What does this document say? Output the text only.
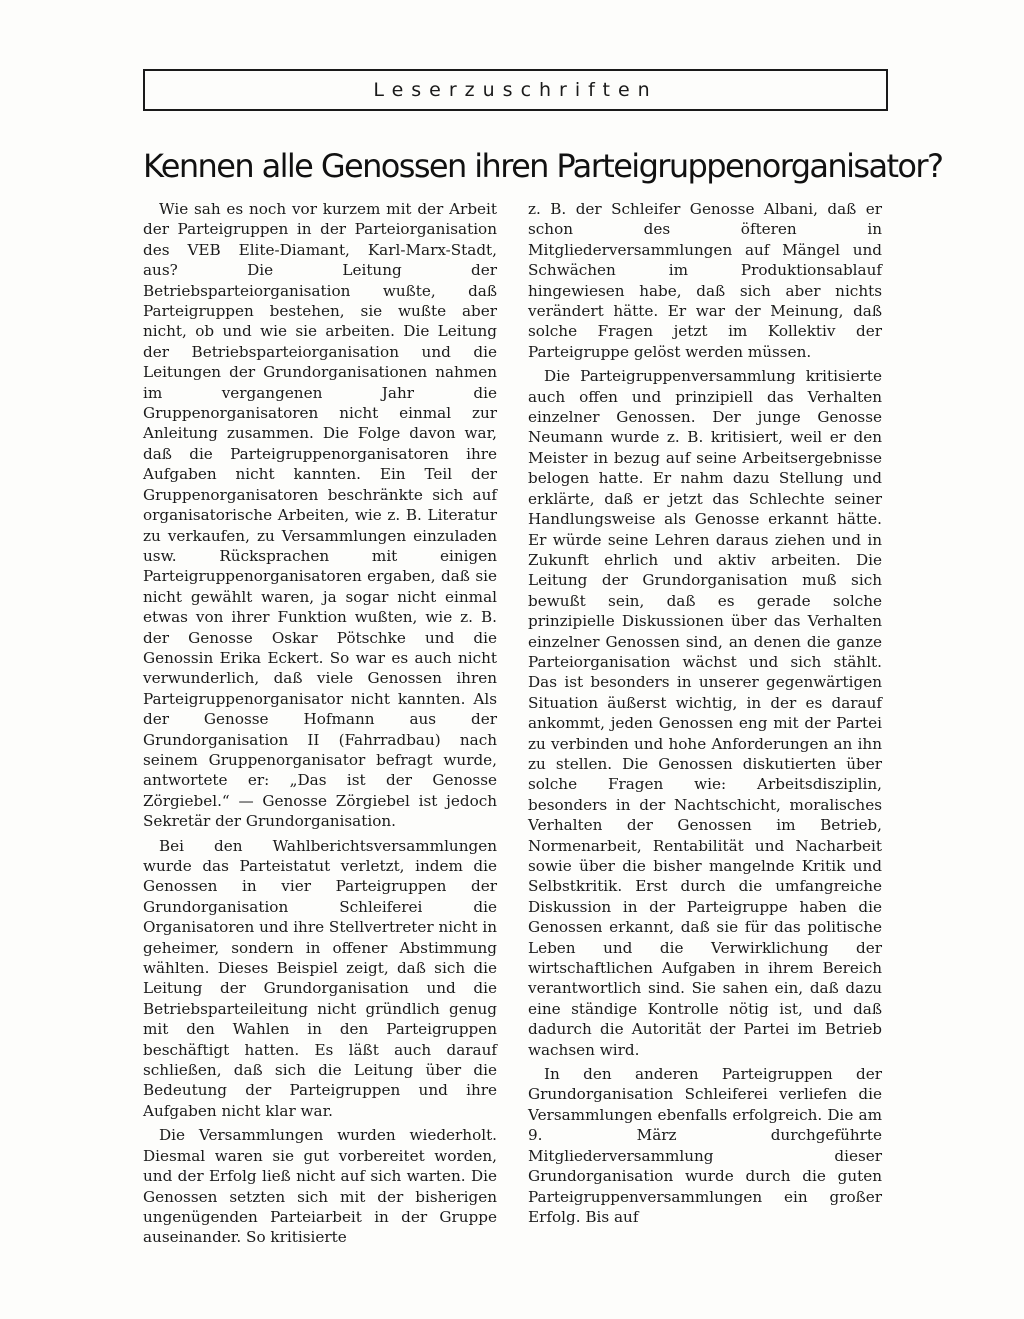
Leserzuschriften
Kennen alle Genossen ihren Parteigruppenorganisator?

Wie sah es noch vor kurzem mit der Arbeit der Parteigruppen in der Parteiorganisation des VEB Elite-Diamant, Karl-Marx-Stadt, aus? Die Leitung der Betriebsparteiorganisation wußte, daß Parteigruppen bestehen, sie wußte aber nicht, ob und wie sie arbeiten. Die Leitung der Betriebsparteiorganisation und die Leitungen der Grundorganisationen nahmen im vergangenen Jahr die Gruppenorganisatoren nicht einmal zur Anleitung zusammen. Die Folge davon war, daß die Parteigruppenorganisatoren ihre Aufgaben nicht kannten. Ein Teil der Gruppenorganisatoren beschränkte sich auf organisatorische Arbeiten, wie z. B. Literatur zu verkaufen, zu Versammlungen einzuladen usw. Rücksprachen mit einigen Parteigruppenorganisatoren ergaben, daß sie nicht gewählt waren, ja sogar nicht einmal etwas von ihrer Funktion wußten, wie z. B. der Genosse Oskar Pötschke und die Genossin Erika Eckert. So war es auch nicht verwunderlich, daß viele Genossen ihren Parteigruppenorganisator nicht kannten. Als der Genosse Hofmann aus der Grundorganisation II (Fahrradbau) nach seinem Gruppenorganisator befragt wurde, antwortete er: „Das ist der Genosse Zörgiebel.“ — Genosse Zörgiebel ist jedoch Sekretär der Grundorganisation.

Bei den Wahlberichtsversammlungen wurde das Parteistatut verletzt, indem die Genossen in vier Parteigruppen der Grundorganisation Schleiferei die Organisatoren und ihre Stellvertreter nicht in geheimer, sondern in offener Abstimmung wählten. Dieses Beispiel zeigt, daß sich die Leitung der Grundorganisation und die Betriebsparteileitung nicht gründlich genug mit den Wahlen in den Parteigruppen beschäftigt hatten. Es läßt auch darauf schließen, daß sich die Leitung über die Bedeutung der Parteigruppen und ihre Aufgaben nicht klar war.

Die Versammlungen wurden wiederholt. Diesmal waren sie gut vorbereitet worden, und der Erfolg ließ nicht auf sich warten. Die Genossen setzten sich mit der bisherigen ungenügenden Parteiarbeit in der Gruppe auseinander. So kritisierte

z. B. der Schleifer Genosse Albani, daß er schon des öfteren in Mitgliederversammlungen auf Mängel und Schwächen im Produktionsablauf hingewiesen habe, daß sich aber nichts verändert hätte. Er war der Meinung, daß solche Fragen jetzt im Kollektiv der Parteigruppe gelöst werden müssen.

Die Parteigruppenversammlung kritisierte auch offen und prinzipiell das Verhalten einzelner Genossen. Der junge Genosse Neumann wurde z. B. kritisiert, weil er den Meister in bezug auf seine Arbeitsergebnisse belogen hatte. Er nahm dazu Stellung und erklärte, daß er jetzt das Schlechte seiner Handlungsweise als Genosse erkannt hätte. Er würde seine Lehren daraus ziehen und in Zukunft ehrlich und aktiv arbeiten. Die Leitung der Grundorganisation muß sich bewußt sein, daß es gerade solche prinzipielle Diskussionen über das Verhalten einzelner Genossen sind, an denen die ganze Parteiorganisation wächst und sich stählt. Das ist besonders in unserer gegenwärtigen Situation äußerst wichtig, in der es darauf ankommt, jeden Genossen eng mit der Partei zu verbinden und hohe Anforderungen an ihn zu stellen. Die Genossen diskutierten über solche Fragen wie: Arbeitsdisziplin, besonders in der Nachtschicht, moralisches Verhalten der Genossen im Betrieb, Normenarbeit, Rentabilität und Nacharbeit sowie über die bisher mangelnde Kritik und Selbstkritik. Erst durch die umfangreiche Diskussion in der Parteigruppe haben die Genossen erkannt, daß sie für das politische Leben und die Verwirklichung der wirtschaftlichen Aufgaben in ihrem Bereich verantwortlich sind. Sie sahen ein, daß dazu eine ständige Kontrolle nötig ist, und daß dadurch die Autorität der Partei im Betrieb wachsen wird.

In den anderen Parteigruppen der Grundorganisation Schleiferei verliefen die Versammlungen ebenfalls erfolgreich. Die am 9. März durchgeführte Mitgliederversammlung dieser Grundorganisation wurde durch die guten Parteigruppenversammlungen ein großer Erfolg. Bis auf
